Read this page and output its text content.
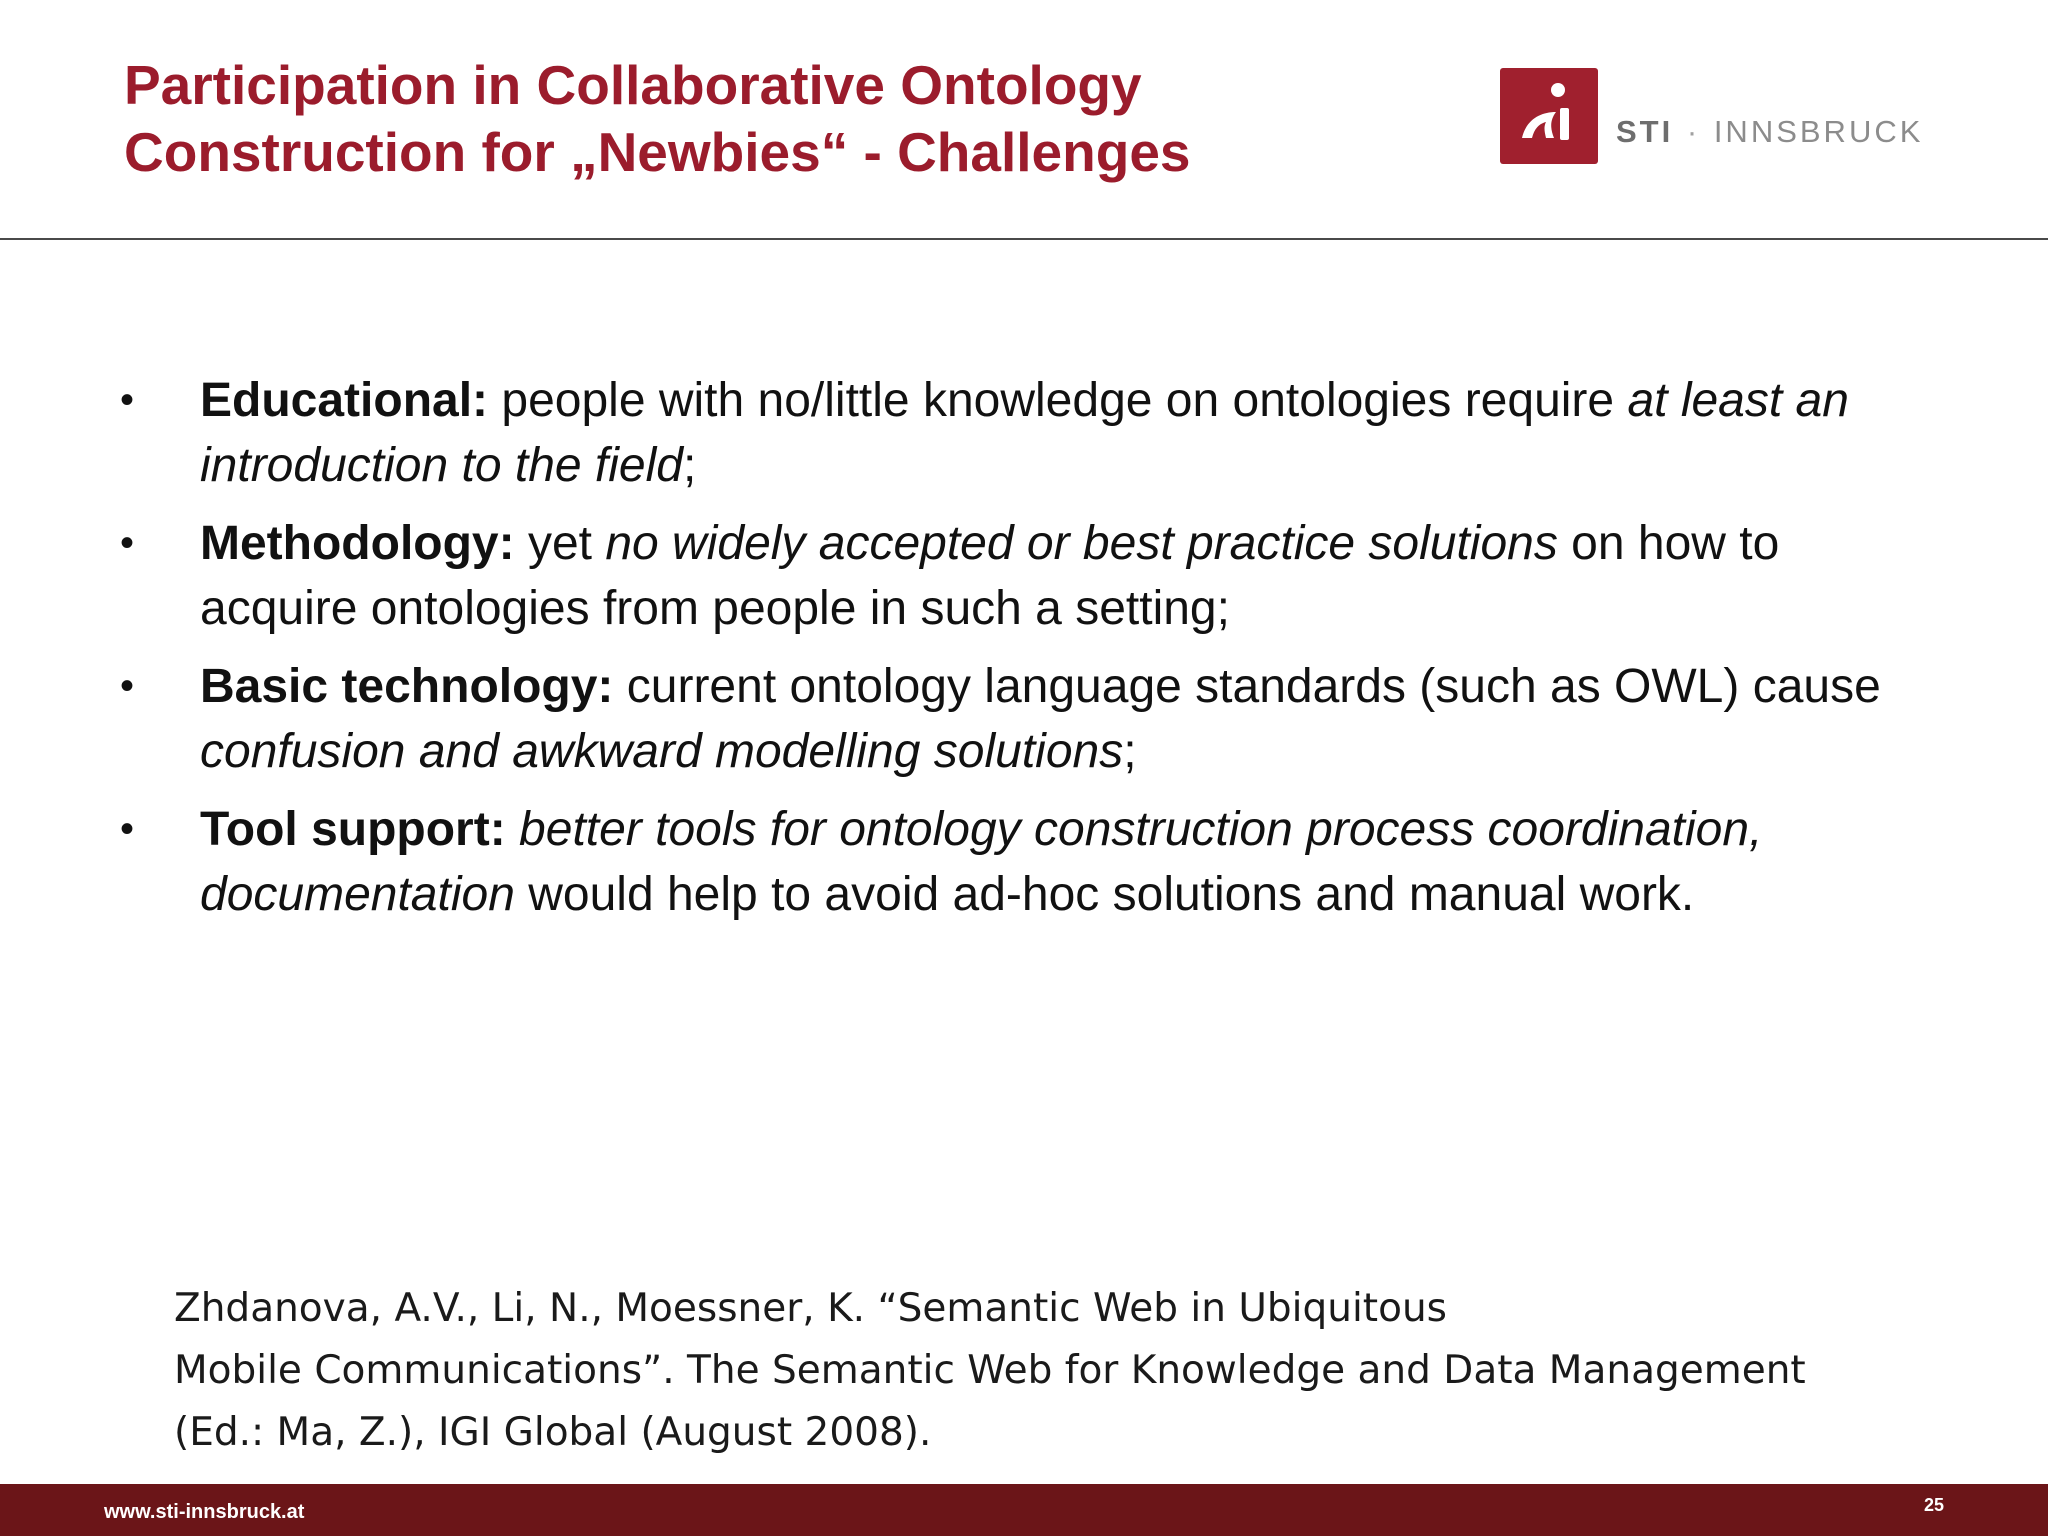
Participation in Collaborative Ontology
Construction for „Newbies“ - Challenges	STI · INNSBRUCK
•	Educational: people with no/little knowledge on ontologies require at least an introduction to the field;
•	Methodology: yet no widely accepted or best practice solutions on how to acquire ontologies from people in such a setting;
•	Basic technology: current ontology language standards (such as OWL) cause confusion and awkward modelling solutions;
•	Tool support: better tools for ontology construction process coordination, documentation would help to avoid ad-hoc solutions and manual work.
Zhdanova, A.V., Li, N., Moessner, K. “Semantic Web in Ubiquitous
Mobile Communications”. The Semantic Web for Knowledge and Data Management
(Ed.: Ma, Z.), IGI Global (August 2008).
www.sti-innsbruck.at	25
